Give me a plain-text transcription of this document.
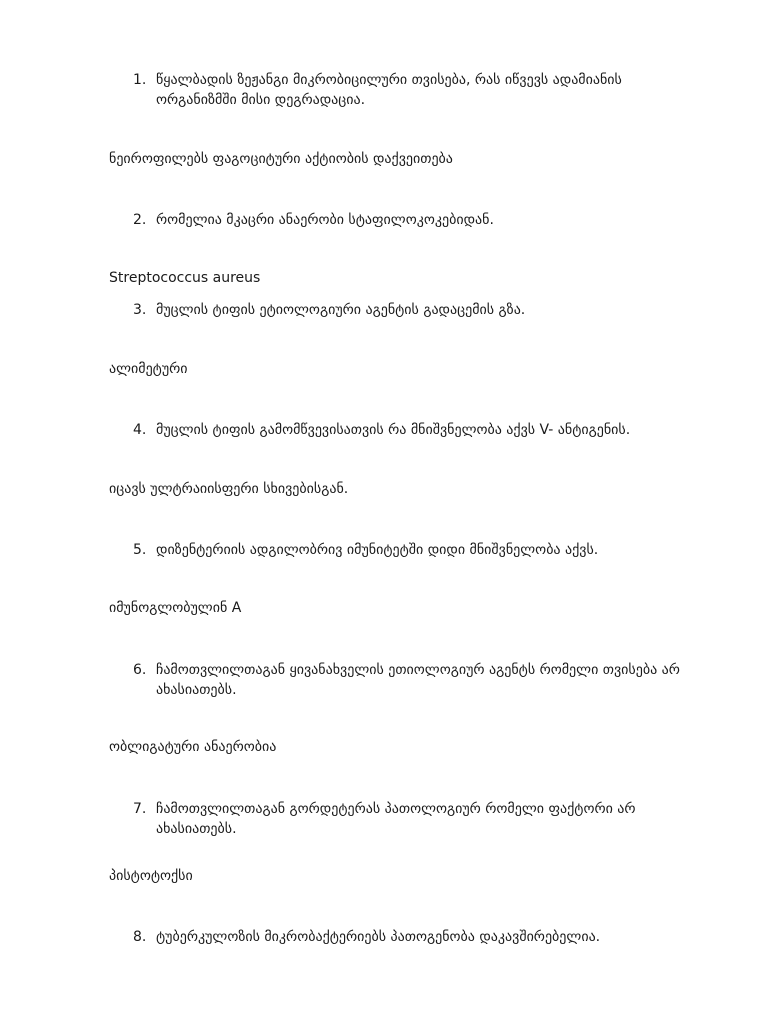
1. წყალბადის ზეჟანგი მიკრობიცილური თვისება, რას იწვევს ადამიანის ორგანიზმში მისი დეგრადაცია.
ნეიროფილებს ფაგოციტური აქტიობის დაქვეითება
2. რომელია მკაცრი ანაერობი სტაფილოკოკებიდან.
Streptococcus aureus
3. მუცლის ტიფის ეტიოლოგიური აგენტის გადაცემის გზა.
ალიმეტური
4. მუცლის ტიფის გამომწვევისათვის რა მნიშვნელობა აქვს V- ანტიგენის.
იცავს ულტრაიისფერი სხივებისგან.
5. დიზენტერიის ადგილობრივ იმუნიტეტში დიდი მნიშვნელობა აქვს.
იმუნოგლობულინ A
6. ჩამოთვლილთაგან ყივანახველის ეთიოლოგიურ აგენტს რომელი თვისება არ ახასიათებს.
ობლიგატური ანაერობია
7. ჩამოთვლილთაგან გორდეტერას პათოლოგიურ რომელი ფაქტორი არ ახასიათებს.
პისტოტოქსი
8. ტუბერკულოზის მიკრობაქტერიებს პათოგენობა დაკავშირებელია.
